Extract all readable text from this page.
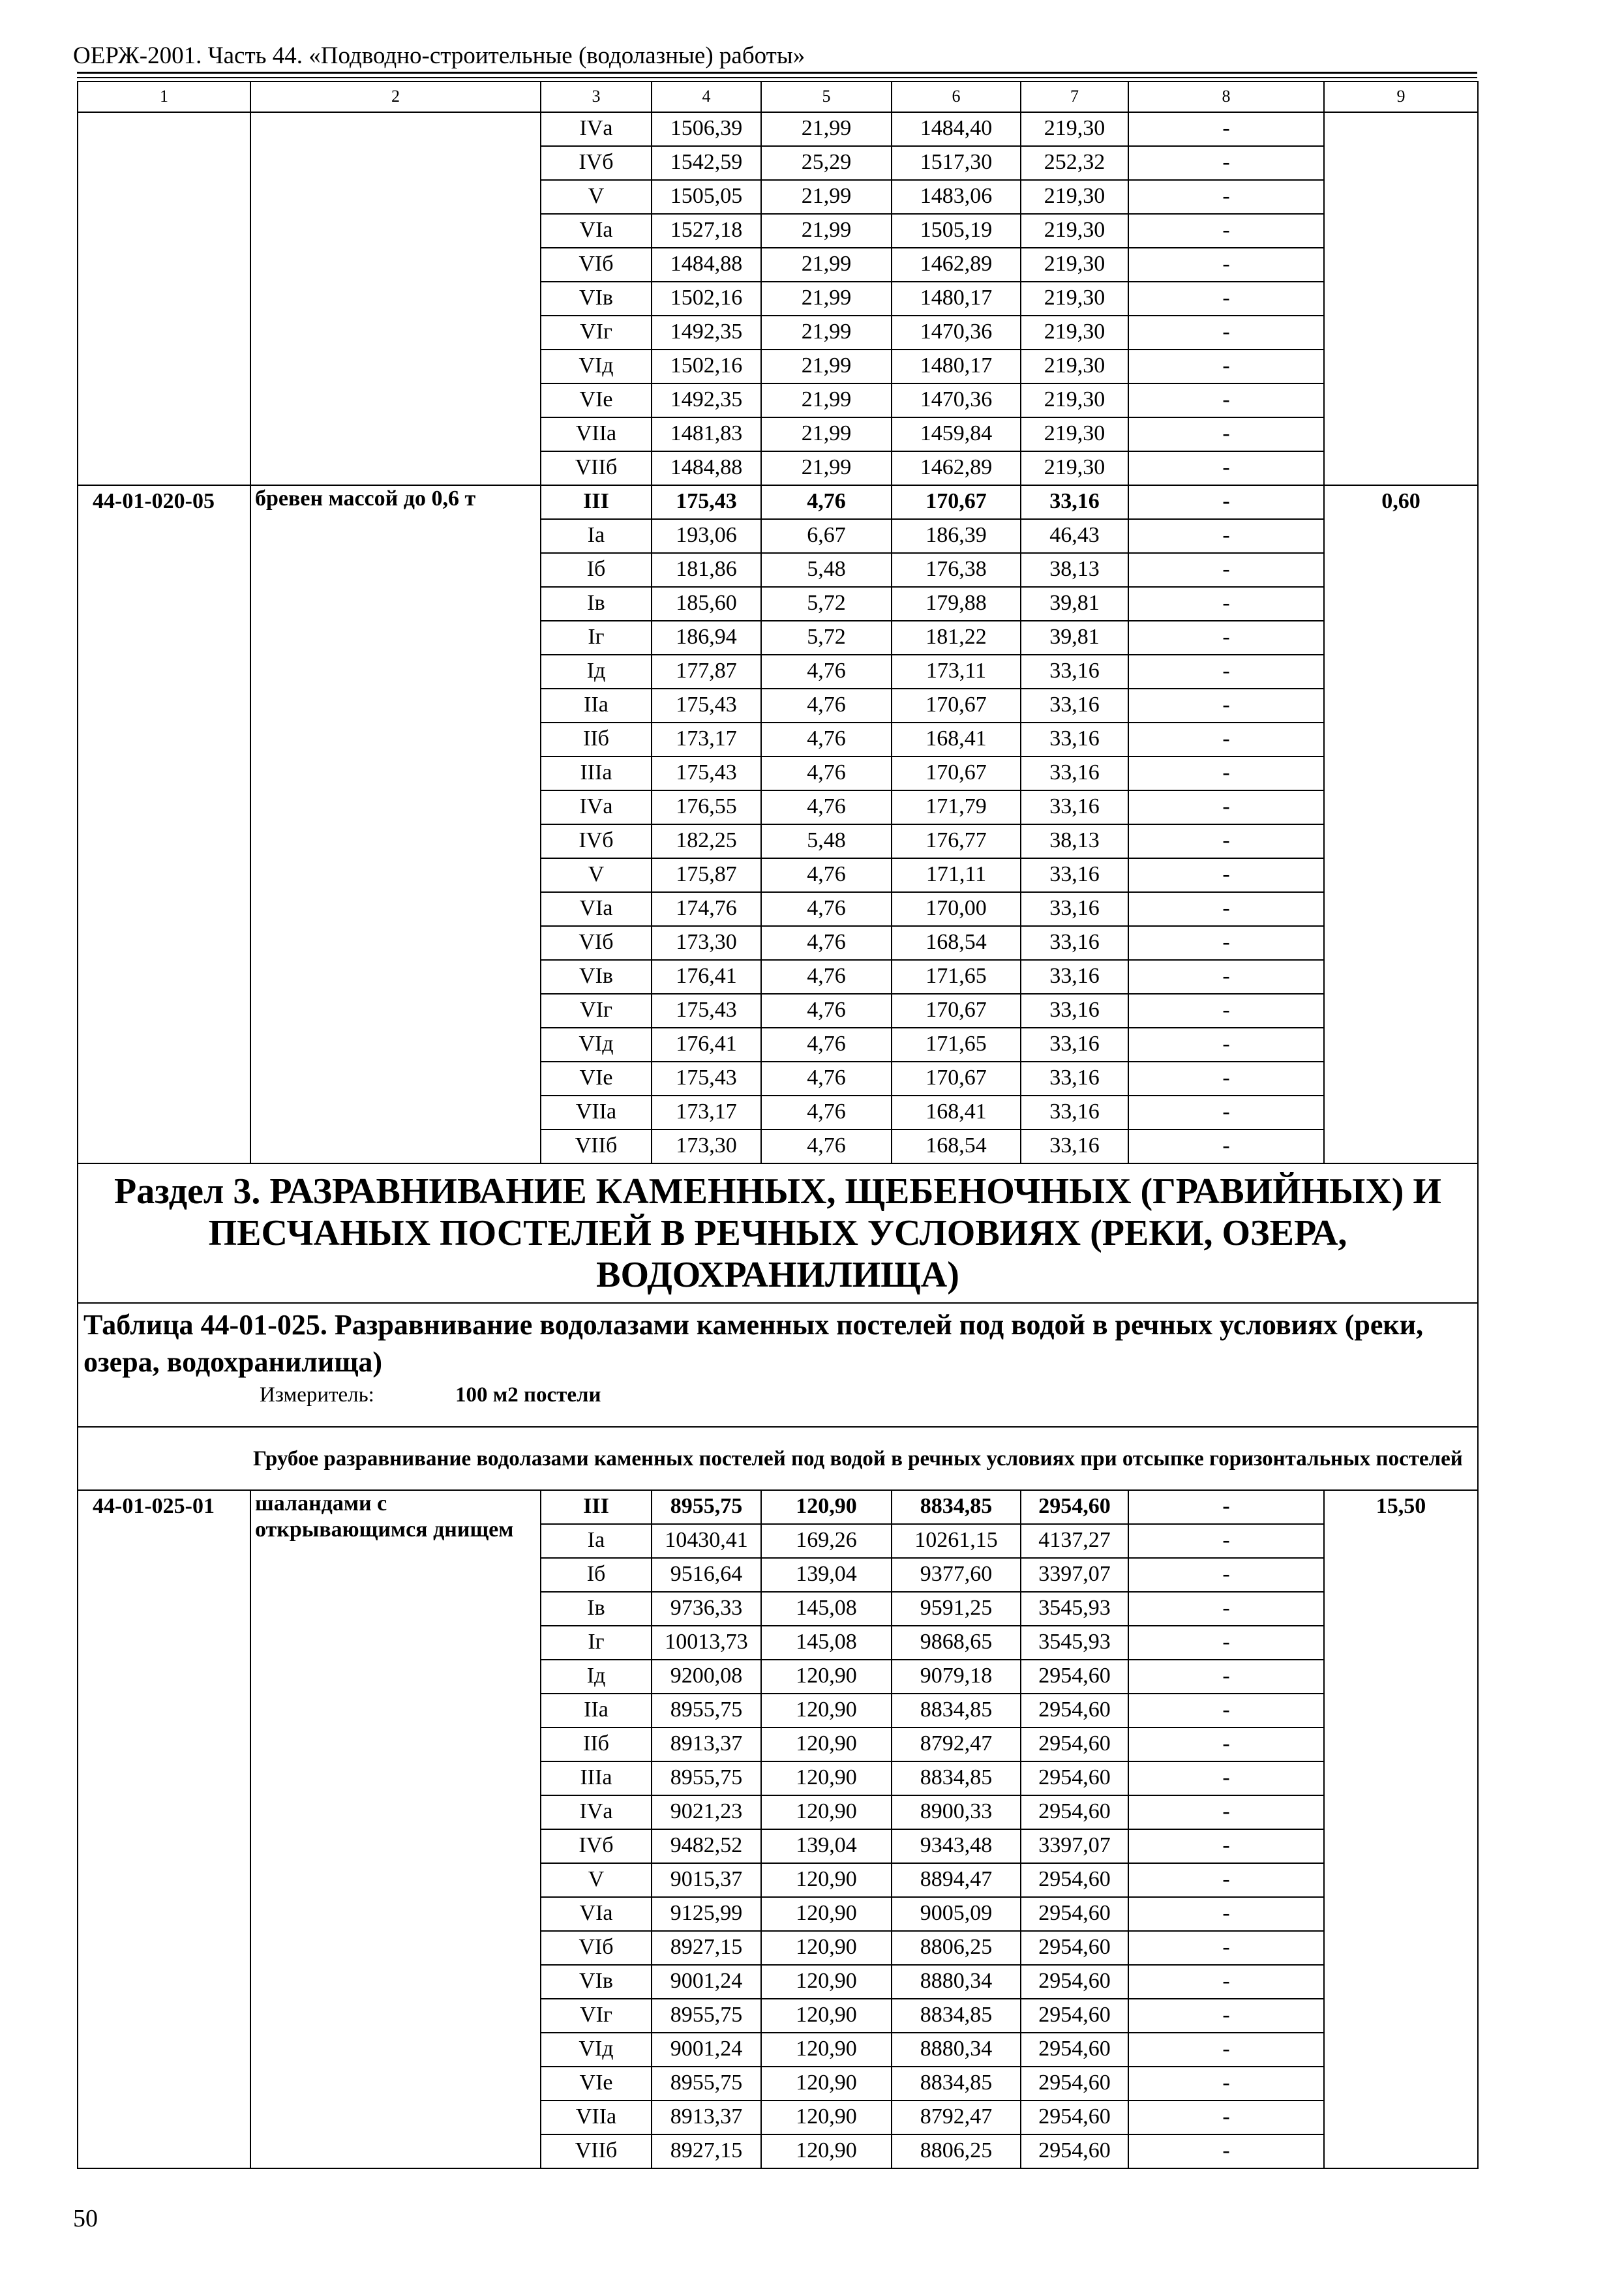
ОЕРЖ-2001. Часть 44. «Подводно-строительные (водолазные) работы»
1	2	3	4	5	6	7	8	9
		IVа	1506,39	21,99	1484,40	219,30	-	
		IVб	1542,59	25,29	1517,30	252,32	-	
		V	1505,05	21,99	1483,06	219,30	-	
		VIа	1527,18	21,99	1505,19	219,30	-	
		VIб	1484,88	21,99	1462,89	219,30	-	
		VIв	1502,16	21,99	1480,17	219,30	-	
		VIг	1492,35	21,99	1470,36	219,30	-	
		VIд	1502,16	21,99	1480,17	219,30	-	
		VIе	1492,35	21,99	1470,36	219,30	-	
		VIIа	1481,83	21,99	1459,84	219,30	-	
		VIIб	1484,88	21,99	1462,89	219,30	-	
44-01-020-05	бревен массой до 0,6 т	III	175,43	4,76	170,67	33,16	-	0,60
		Iа	193,06	6,67	186,39	46,43	-	
		Iб	181,86	5,48	176,38	38,13	-	
		Iв	185,60	5,72	179,88	39,81	-	
		Iг	186,94	5,72	181,22	39,81	-	
		Iд	177,87	4,76	173,11	33,16	-	
		IIа	175,43	4,76	170,67	33,16	-	
		IIб	173,17	4,76	168,41	33,16	-	
		IIIа	175,43	4,76	170,67	33,16	-	
		IVа	176,55	4,76	171,79	33,16	-	
		IVб	182,25	5,48	176,77	38,13	-	
		V	175,87	4,76	171,11	33,16	-	
		VIа	174,76	4,76	170,00	33,16	-	
		VIб	173,30	4,76	168,54	33,16	-	
		VIв	176,41	4,76	171,65	33,16	-	
		VIг	175,43	4,76	170,67	33,16	-	
		VIд	176,41	4,76	171,65	33,16	-	
		VIе	175,43	4,76	170,67	33,16	-	
		VIIа	173,17	4,76	168,41	33,16	-	
		VIIб	173,30	4,76	168,54	33,16	-	
Раздел 3. РАЗРАВНИВАНИЕ КАМЕННЫХ, ЩЕБЕНОЧНЫХ (ГРАВИЙНЫХ) И ПЕСЧАНЫХ ПОСТЕЛЕЙ В РЕЧНЫХ УСЛОВИЯХ (РЕКИ, ОЗЕРА, ВОДОХРАНИЛИЩА)								
Таблица 44-01-025. Разравнивание водолазами каменных постелей под водой в речных условиях (реки, озера, водохранилища)
Измеритель: 100 м2 постели								

	Грубое разравнивание водолазами каменных постелей под водой в речных условиях при отсыпке горизонтальных постелей							
44-01-025-01	шаландами с открывающимся днищем	III	8955,75	120,90	8834,85	2954,60	-	15,50
		Iа	10430,41	169,26	10261,15	4137,27	-	
		Iб	9516,64	139,04	9377,60	3397,07	-	
		Iв	9736,33	145,08	9591,25	3545,93	-	
		Iг	10013,73	145,08	9868,65	3545,93	-	
		Iд	9200,08	120,90	9079,18	2954,60	-	
		IIа	8955,75	120,90	8834,85	2954,60	-	
		IIб	8913,37	120,90	8792,47	2954,60	-	
		IIIа	8955,75	120,90	8834,85	2954,60	-	
		IVа	9021,23	120,90	8900,33	2954,60	-	
		IVб	9482,52	139,04	9343,48	3397,07	-	
		V	9015,37	120,90	8894,47	2954,60	-	
		VIа	9125,99	120,90	9005,09	2954,60	-	
		VIб	8927,15	120,90	8806,25	2954,60	-	
		VIв	9001,24	120,90	8880,34	2954,60	-	
		VIг	8955,75	120,90	8834,85	2954,60	-	
		VIд	9001,24	120,90	8880,34	2954,60	-	
		VIе	8955,75	120,90	8834,85	2954,60	-	
		VIIа	8913,37	120,90	8792,47	2954,60	-	
		VIIб	8927,15	120,90	8806,25	2954,60	-	
50
